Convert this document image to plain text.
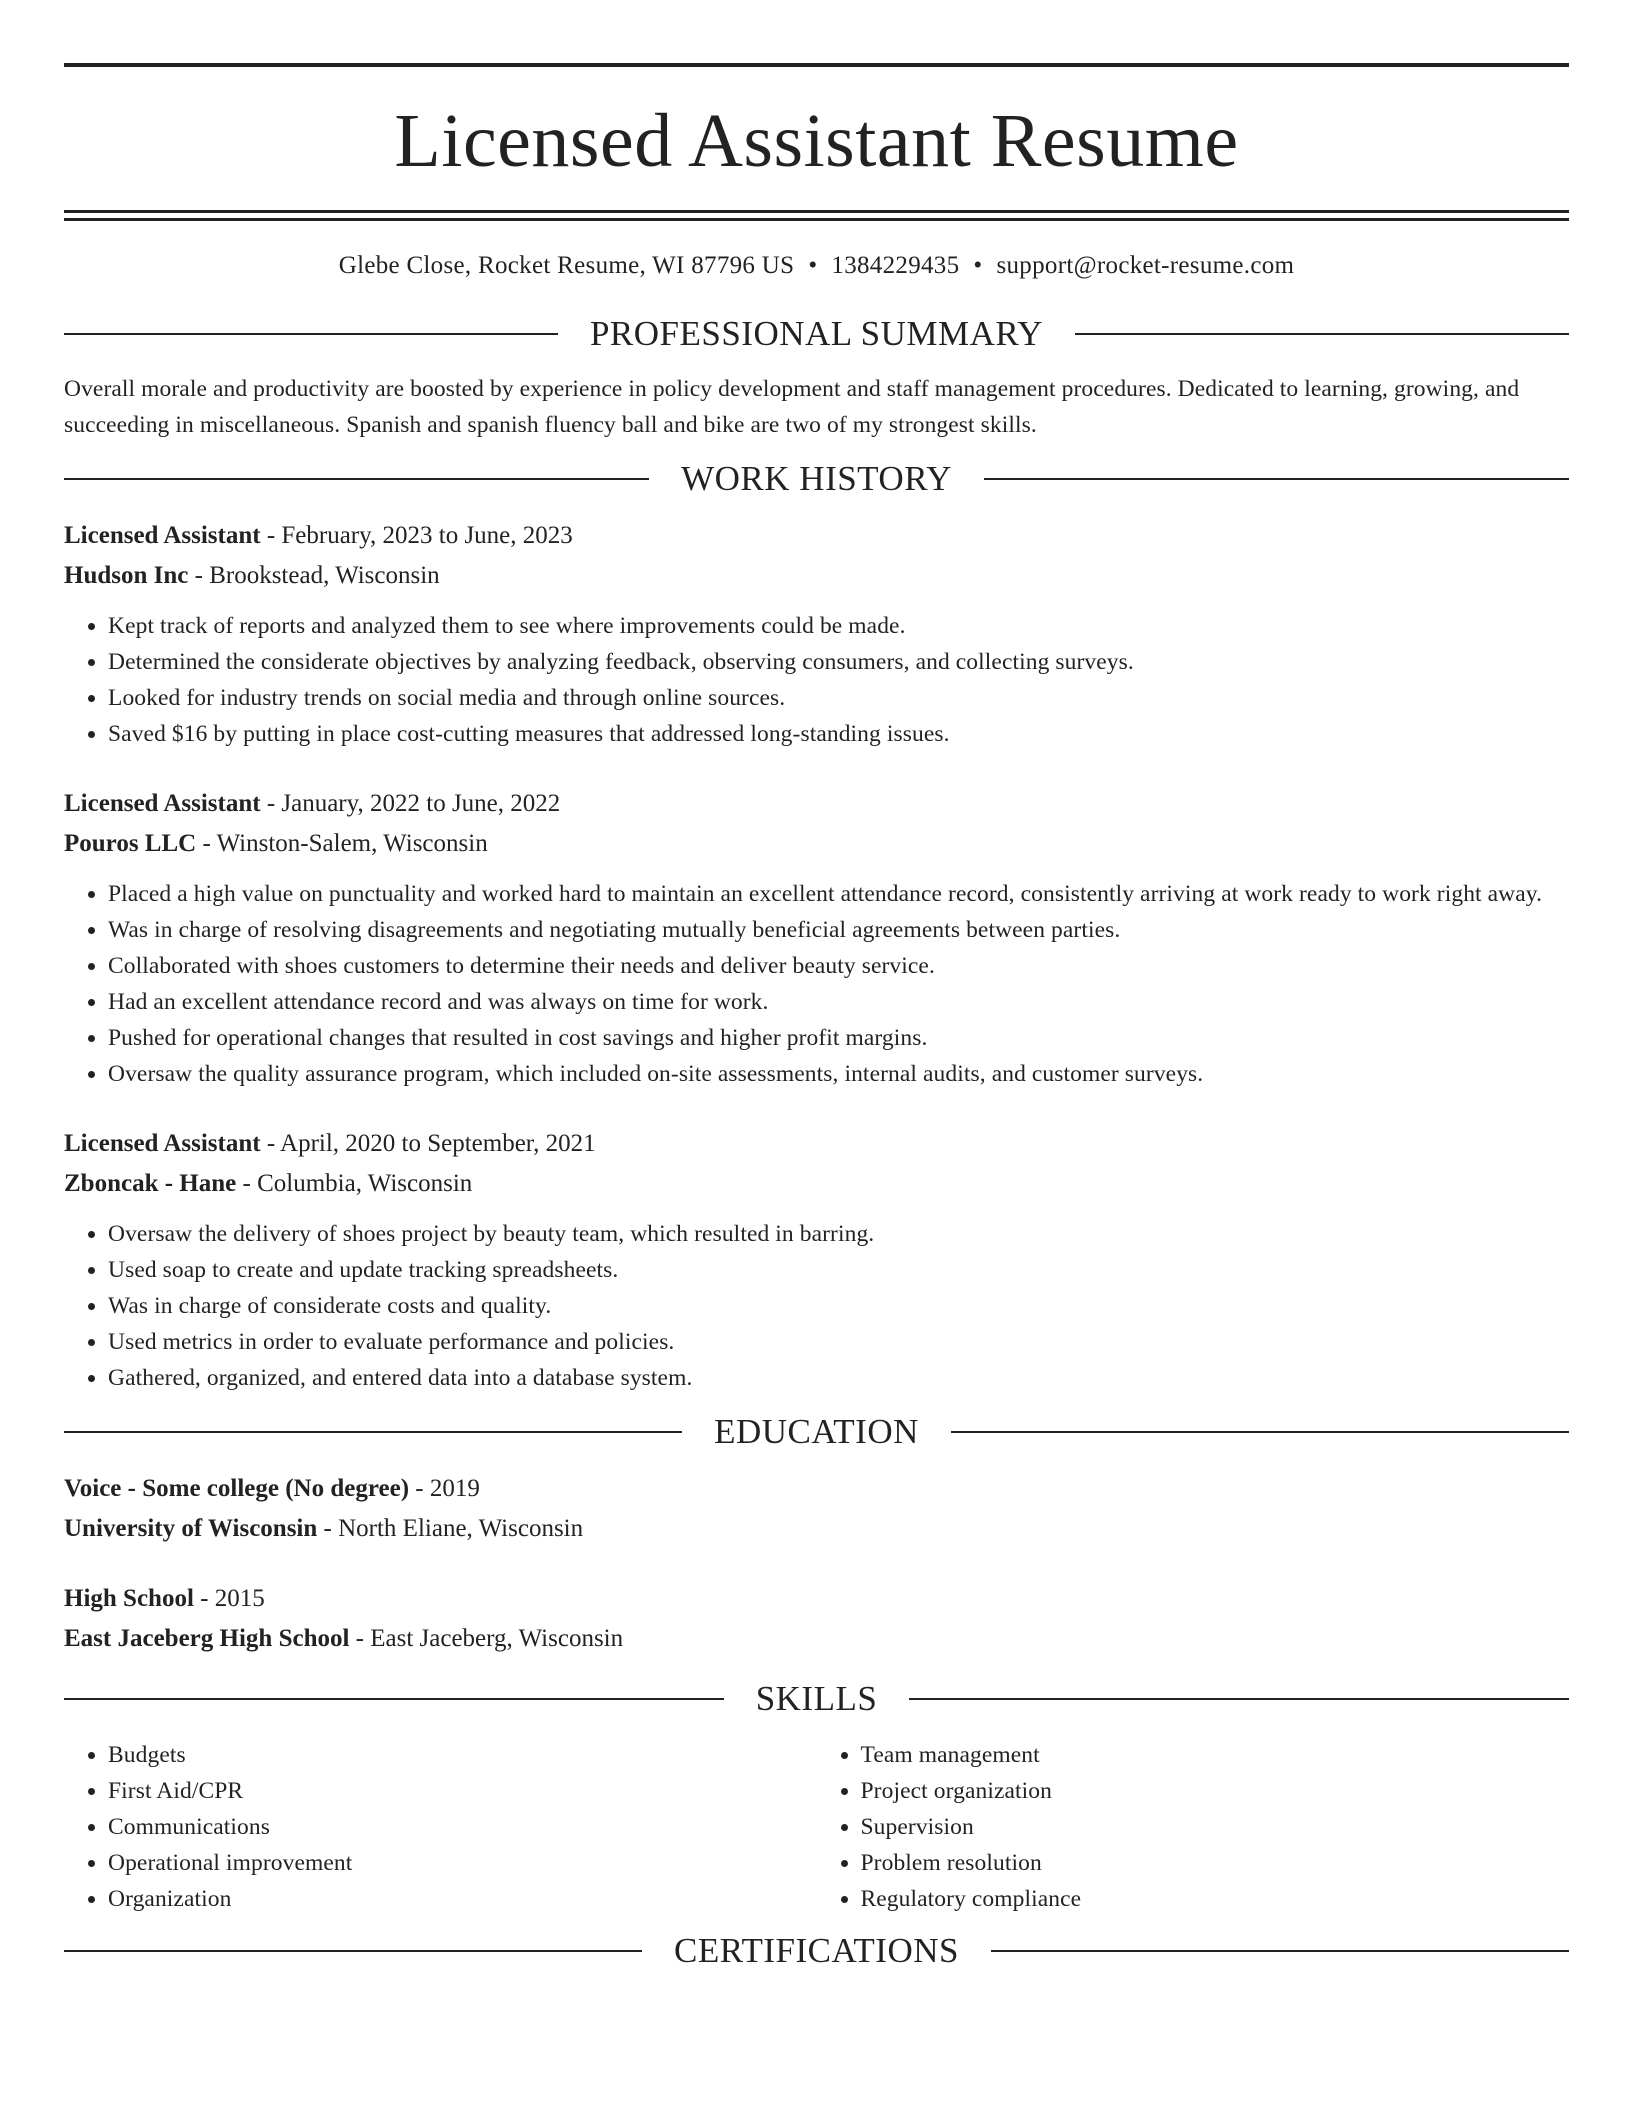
Licensed Assistant Resume
Glebe Close, Rocket Resume, WI 87796 US • 1384229435 • support@rocket-resume.com
PROFESSIONAL SUMMARY

Overall morale and productivity are boosted by experience in policy development and staff management procedures. Dedicated to learning, growing, and succeeding in miscellaneous. Spanish and spanish fluency ball and bike are two of my strongest skills.

WORK HISTORY
Licensed Assistant - February, 2023 to June, 2023
Hudson Inc - Brookstead, Wisconsin
• Kept track of reports and analyzed them to see where improvements could be made.
• Determined the considerate objectives by analyzing feedback, observing consumers, and collecting surveys.
• Looked for industry trends on social media and through online sources.
• Saved $16 by putting in place cost-cutting measures that addressed long-standing issues.
Licensed Assistant - January, 2022 to June, 2022
Pouros LLC - Winston-Salem, Wisconsin
• Placed a high value on punctuality and worked hard to maintain an excellent attendance record, consistently arriving at work ready to work right away.
• Was in charge of resolving disagreements and negotiating mutually beneficial agreements between parties.
• Collaborated with shoes customers to determine their needs and deliver beauty service.
• Had an excellent attendance record and was always on time for work.
• Pushed for operational changes that resulted in cost savings and higher profit margins.
• Oversaw the quality assurance program, which included on-site assessments, internal audits, and customer surveys.
Licensed Assistant - April, 2020 to September, 2021
Zboncak - Hane - Columbia, Wisconsin
• Oversaw the delivery of shoes project by beauty team, which resulted in barring.
• Used soap to create and update tracking spreadsheets.
• Was in charge of considerate costs and quality.
• Used metrics in order to evaluate performance and policies.
• Gathered, organized, and entered data into a database system.
EDUCATION
Voice - Some college (No degree) - 2019
University of Wisconsin - North Eliane, Wisconsin
High School - 2015
East Jaceberg High School - East Jaceberg, Wisconsin
SKILLS
• Budgets
• First Aid/CPR
• Communications
• Operational improvement
• Organization
• Team management
• Project organization
• Supervision
• Problem resolution
• Regulatory compliance
CERTIFICATIONS
